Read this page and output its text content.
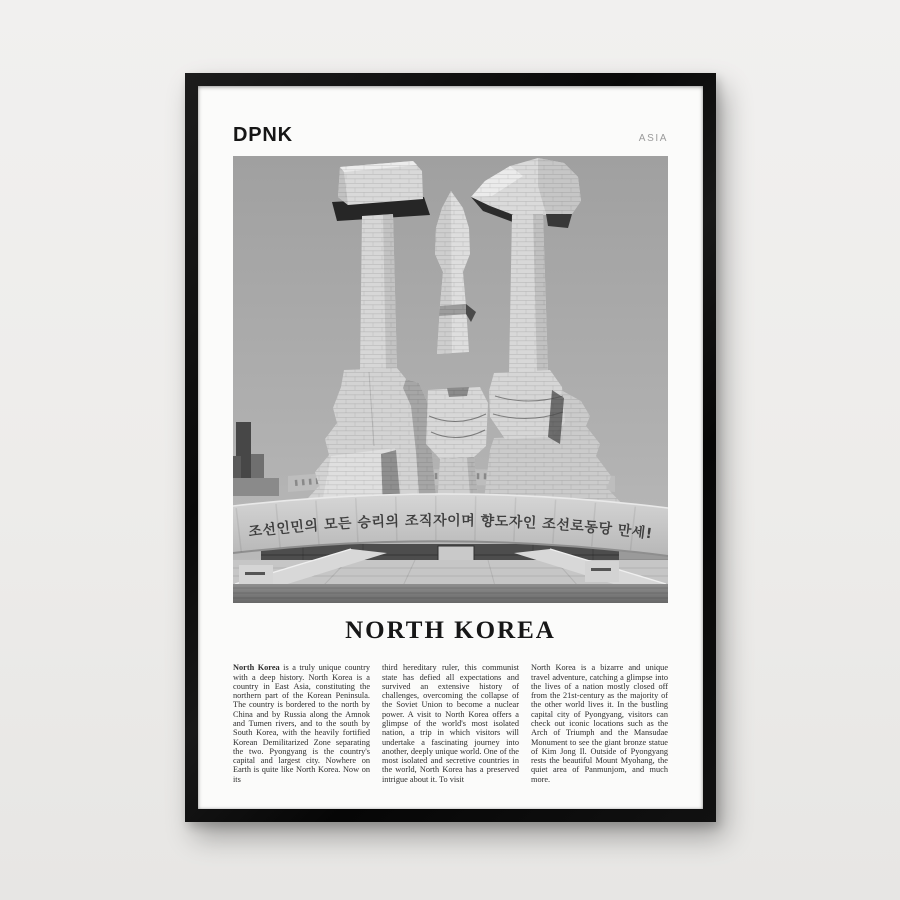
DPNK	ASIA
조선인민의 모든 승리의 조직자이며 향도자인 조선로동당 만세!
NORTH KOREA

North Korea is a truly unique country with a deep history. North Korea is a country in East Asia, constituting the northern part of the Korean Peninsula. The country is bordered to the north by China and by Russia along the Amnok and Tumen rivers, and to the south by South Korea, with the heavily fortified Korean Demilitarized Zone separating the two. Pyongyang is the country's capital and largest city. Nowhere on Earth is quite like North Korea. Now on its

third hereditary ruler, this communist state has defied all expectations and survived an extensive history of challenges, overcoming the collapse of the Soviet Union to become a nuclear power. A visit to North Korea offers a glimpse of the world's most isolated nation, a trip in which visitors will undertake a fascinating journey into another, deeply unique world. One of the most isolated and secretive countries in the world, North Korea has a preserved intrigue about it. To visit

North Korea is a bizarre and unique travel adventure, catching a glimpse into the lives of a nation mostly closed off from the 21st-century as the majority of the other world lives it. In the bustling capital city of Pyongyang, visitors can check out iconic locations such as the Arch of Triumph and the Mansudae Monument to see the giant bronze statue of Kim Jong Il. Outside of Pyongyang rests the beautiful Mount Myohang, the quiet area of Panmunjom, and much more.
